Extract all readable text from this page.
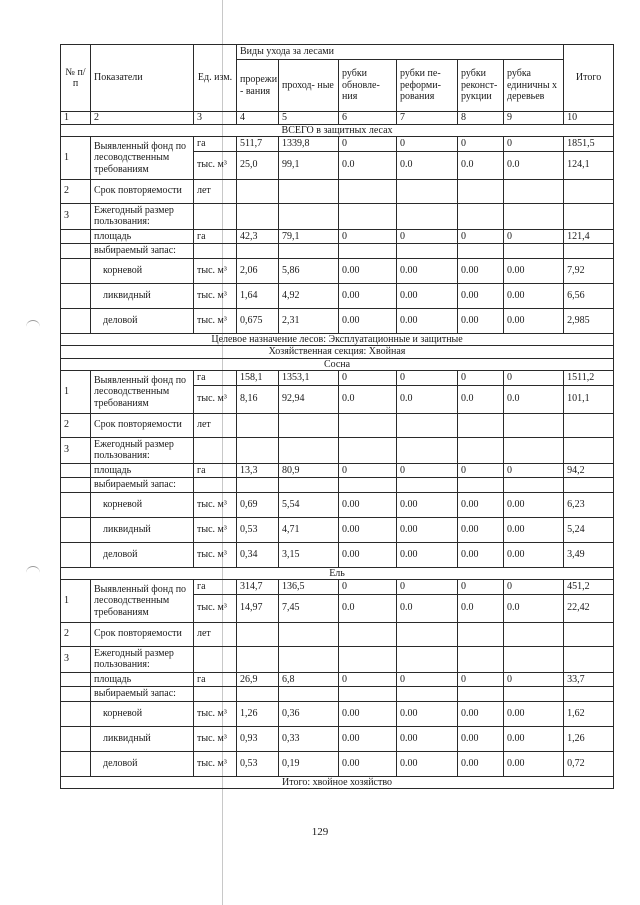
№ п/п	Показатели	Ед. изм.	Виды ухода за лесами						Итого
			прорежи - вания	проход- ные	рубки обновле- ния	рубки пе- реформи- рования	рубки реконст- рукции	рубка единичны х деревьев	
1	2	3	4	5	6	7	8	9	10
ВСЕГО в защитных лесах									
1	Выявленный фонд по лесоводственным требованиям	га	511,7	1339,8	0	0	0	0	1851,5
		тыс. м³	25,0	99,1	0.0	0.0	0.0	0.0	124,1
2	Срок повторяемости	лет							
3	Ежегодный размер пользования:								
	площадь	га	42,3	79,1	0	0	0	0	121,4
	выбираемый запас:								
	корневой	тыс. м³	2,06	5,86	0.00	0.00	0.00	0.00	7,92
	ликвидный	тыс. м³	1,64	4,92	0.00	0.00	0.00	0.00	6,56
	деловой	тыс. м³	0,675	2,31	0.00	0.00	0.00	0.00	2,985
Целевое назначение лесов: Эксплуатационные и защитные									
Хозяйственная секция: Хвойная									
Сосна									
1	Выявленный фонд по лесоводственным требованиям	га	158,1	1353,1	0	0	0	0	1511,2
		тыс. м³	8,16	92,94	0.0	0.0	0.0	0.0	101,1
2	Срок повторяемости	лет							
3	Ежегодный размер пользования:								
	площадь	га	13,3	80,9	0	0	0	0	94,2
	выбираемый запас:								
	корневой	тыс. м³	0,69	5,54	0.00	0.00	0.00	0.00	6,23
	ликвидный	тыс. м³	0,53	4,71	0.00	0.00	0.00	0.00	5,24
	деловой	тыс. м³	0,34	3,15	0.00	0.00	0.00	0.00	3,49
Ель									
1	Выявленный фонд по лесоводственным требованиям	га	314,7	136,5	0	0	0	0	451,2
		тыс. м³	14,97	7,45	0.0	0.0	0.0	0.0	22,42
2	Срок повторяемости	лет							
3	Ежегодный размер пользования:								
	площадь	га	26,9	6,8	0	0	0	0	33,7
	выбираемый запас:								
	корневой	тыс. м³	1,26	0,36	0.00	0.00	0.00	0.00	1,62
	ликвидный	тыс. м³	0,93	0,33	0.00	0.00	0.00	0.00	1,26
	деловой	тыс. м³	0,53	0,19	0.00	0.00	0.00	0.00	0,72
Итого: хвойное хозяйство									
129
